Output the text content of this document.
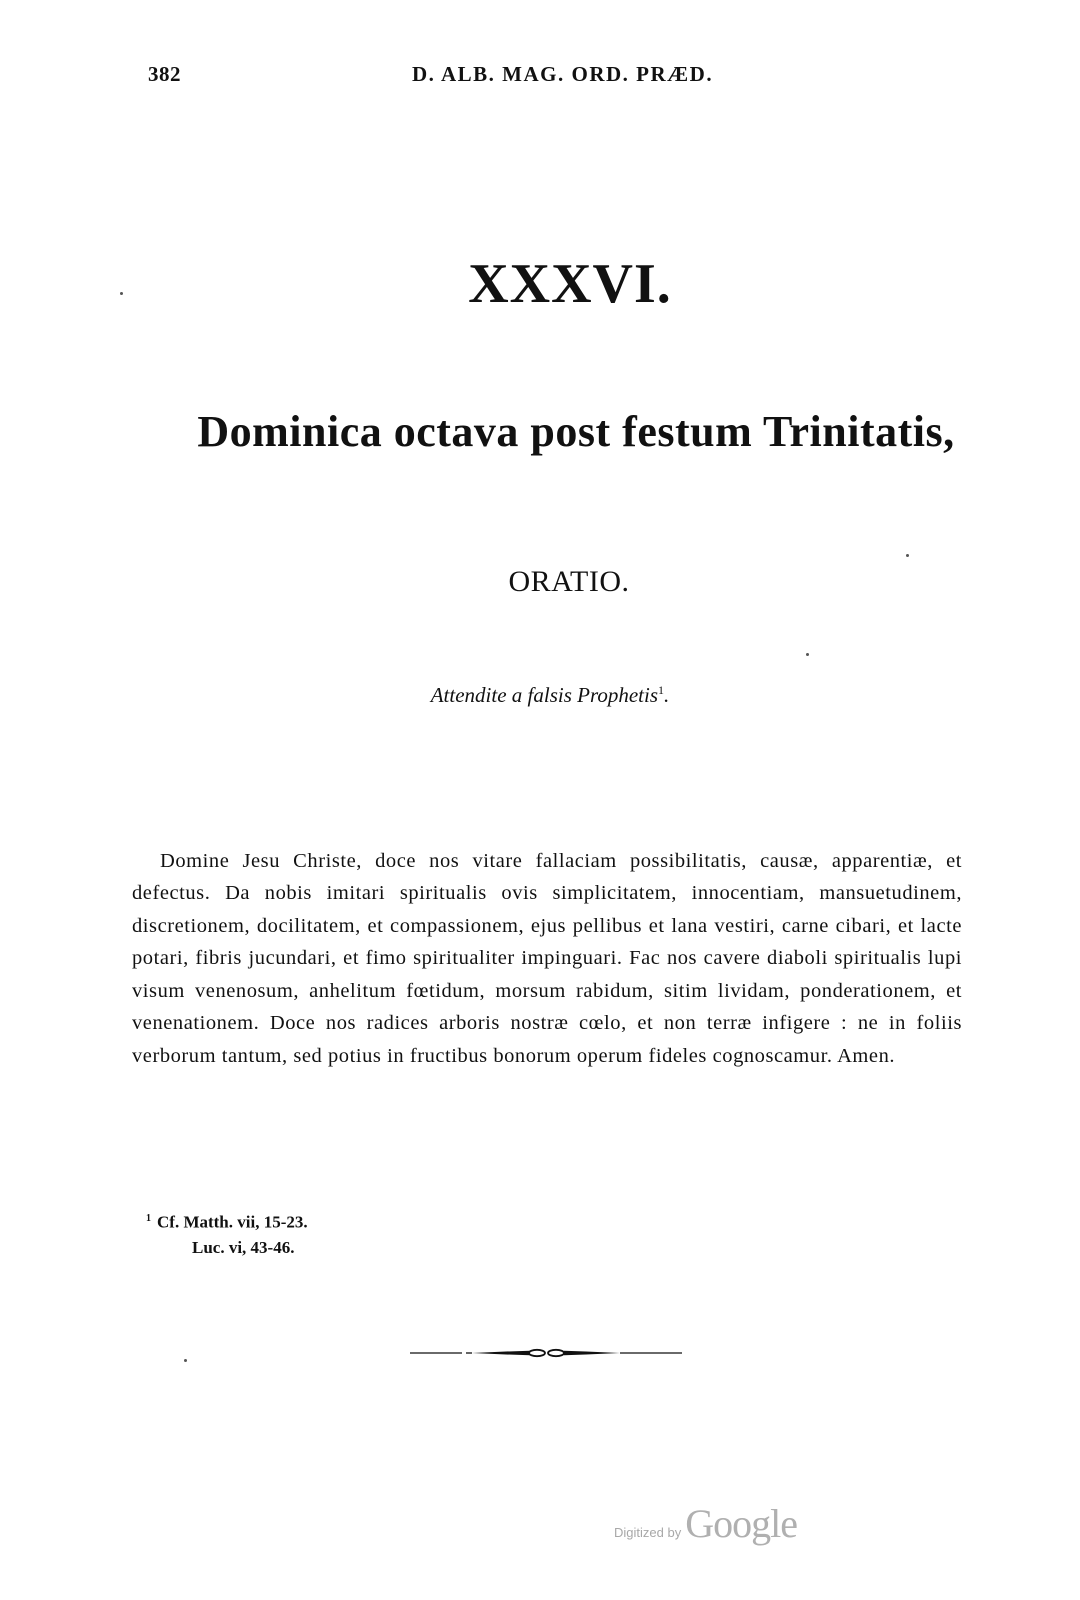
382	D. ALB. MAG. ORD. PRÆD.
XXXVI.
Dominica octava post festum Trinitatis,
ORATIO.
Attendite a falsis Prophetis$^1$.

Domine Jesu Christe, doce nos vitare fallaciam possibilitatis, causæ, apparentiæ, et defectus. Da nobis imitari spiritualis ovis simplicitatem, innocentiam, mansuetudinem, discretionem, docilitatem, et compassionem, ejus pellibus et lana vestiri, carne cibari, et lacte potari, fibris jucundari, et fimo spiritualiter impinguari. Fac nos cavere diaboli spiritualis lupi visum venenosum, anhelitum fœtidum, morsum rabidum, sitim lividam, ponderationem, et venenationem. Doce nos radices arboris nostræ cœlo, et non terræ infigere : ne in foliis verborum tantum, sed potius in fructibus bonorum operum fideles cognoscamur. Amen.

$^1$ Cf. Matth. vii, 15-23.
Luc. vi, 43-46.
Digitized by Google
